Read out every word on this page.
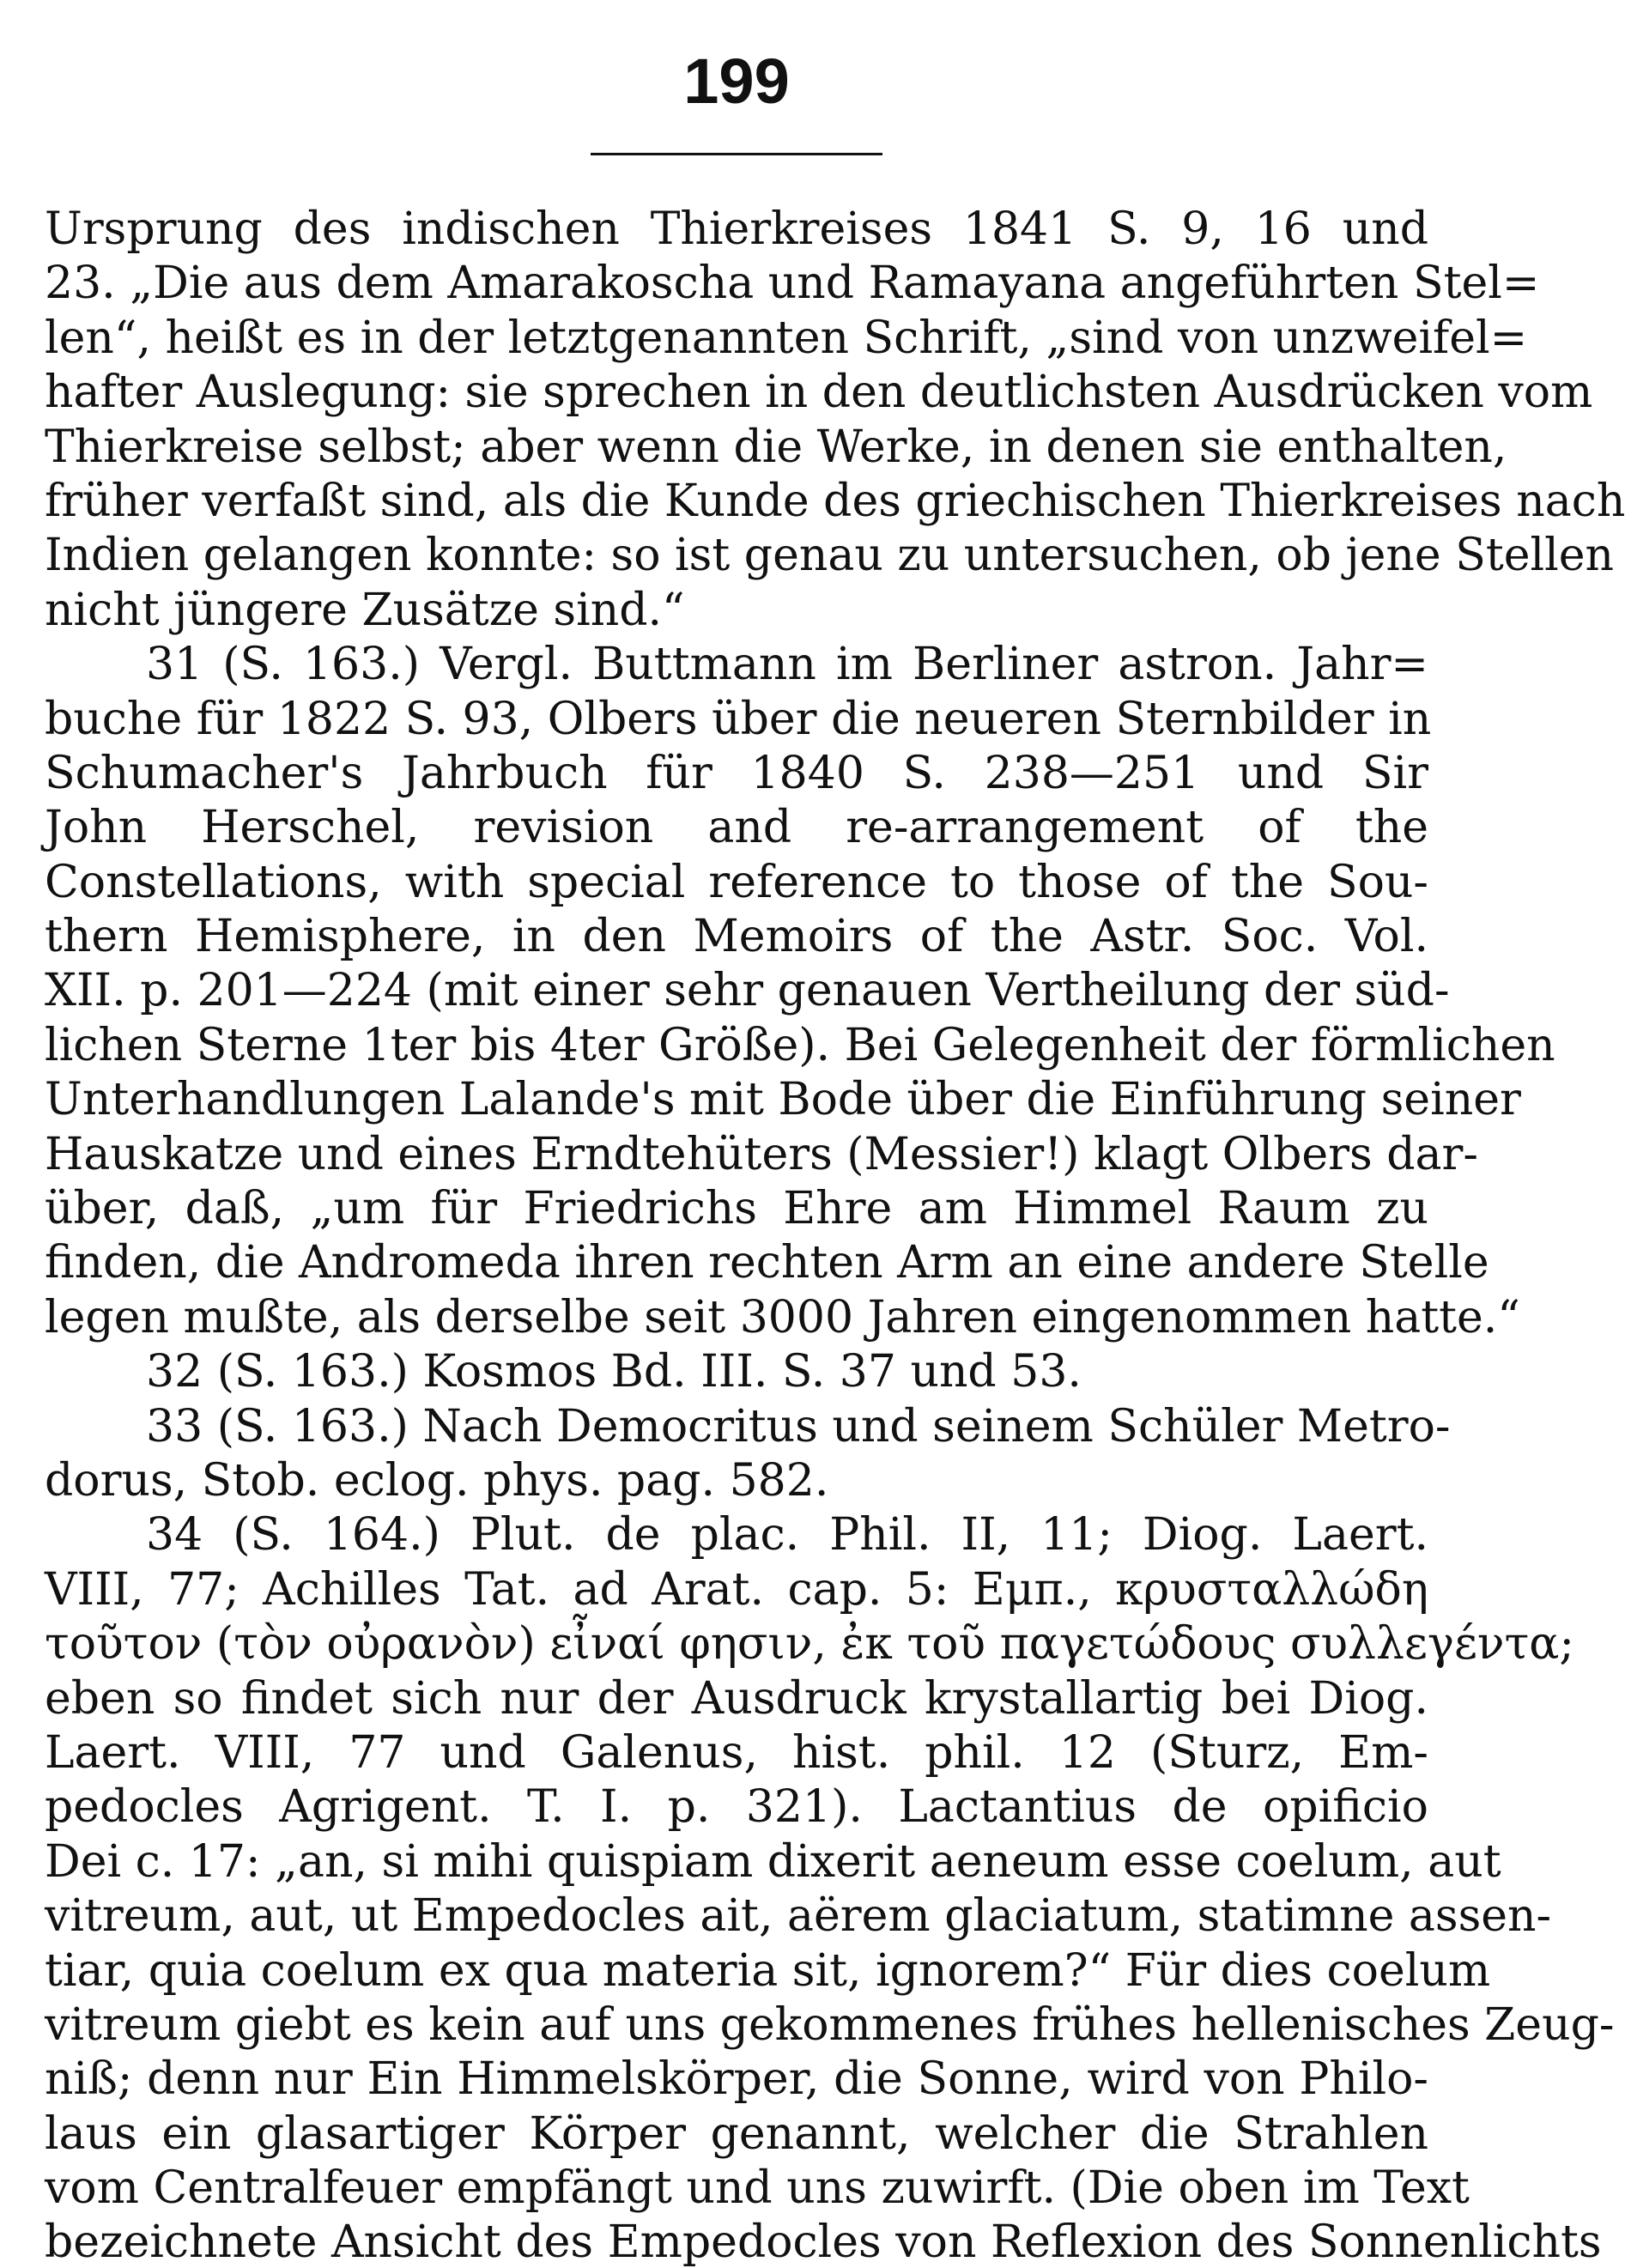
199
Ursprung des indischen Thierkreises 1841 S. 9, 16 und
23. „Die aus dem Amarakoscha und Ramayana angeführten Stel=
len“, heißt es in der letztgenannten Schrift, „sind von unzweifel=
hafter Auslegung: sie sprechen in den deutlichsten Ausdrücken vom
Thierkreise selbst; aber wenn die Werke, in denen sie enthalten,
früher verfaßt sind, als die Kunde des griechischen Thierkreises nach
Indien gelangen konnte: so ist genau zu untersuchen, ob jene Stellen
nicht jüngere Zusätze sind.“
31 (S. 163.) Vergl. Buttmann im Berliner astron. Jahr=
buche für 1822 S. 93, Olbers über die neueren Sternbilder in
Schumacher's Jahrbuch für 1840 S. 238—251 und Sir
John Herschel, revision and re-arrangement of the
Constellations, with special reference to those of the Sou-
thern Hemisphere, in den Memoirs of the Astr. Soc. Vol.
XII. p. 201—224 (mit einer sehr genauen Vertheilung der süd-
lichen Sterne 1ter bis 4ter Größe). Bei Gelegenheit der förmlichen
Unterhandlungen Lalande's mit Bode über die Einführung seiner
Hauskatze und eines Erndtehüters (Messier!) klagt Olbers dar-
über, daß, „um für Friedrichs Ehre am Himmel Raum zu
finden, die Andromeda ihren rechten Arm an eine andere Stelle
legen mußte, als derselbe seit 3000 Jahren eingenommen hatte.“
32 (S. 163.) Kosmos Bd. III. S. 37 und 53.
33 (S. 163.) Nach Democritus und seinem Schüler Metro-
dorus, Stob. eclog. phys. pag. 582.
34 (S. 164.) Plut. de plac. Phil. II, 11; Diog. Laert.
VIII, 77; Achilles Tat. ad Arat. cap. 5: Εμπ., κρυσταλλώδη
τοῦτον (τὸν οὐρανὸν) εἶναί φησιν, ἐκ τοῦ παγετώδους συλλεγέντα;
eben so findet sich nur der Ausdruck krystallartig bei Diog.
Laert. VIII, 77 und Galenus, hist. phil. 12 (Sturz, Em-
pedocles Agrigent. T. I. p. 321). Lactantius de opificio
Dei c. 17: „an, si mihi quispiam dixerit aeneum esse coelum, aut
vitreum, aut, ut Empedocles ait, aërem glaciatum, statimne assen-
tiar, quia coelum ex qua materia sit, ignorem?“ Für dies coelum
vitreum giebt es kein auf uns gekommenes frühes hellenisches Zeug-
niß; denn nur Ein Himmelskörper, die Sonne, wird von Philo-
laus ein glasartiger Körper genannt, welcher die Strahlen
vom Centralfeuer empfängt und uns zuwirft. (Die oben im Text
bezeichnete Ansicht des Empedocles von Reflexion des Sonnenlichts
